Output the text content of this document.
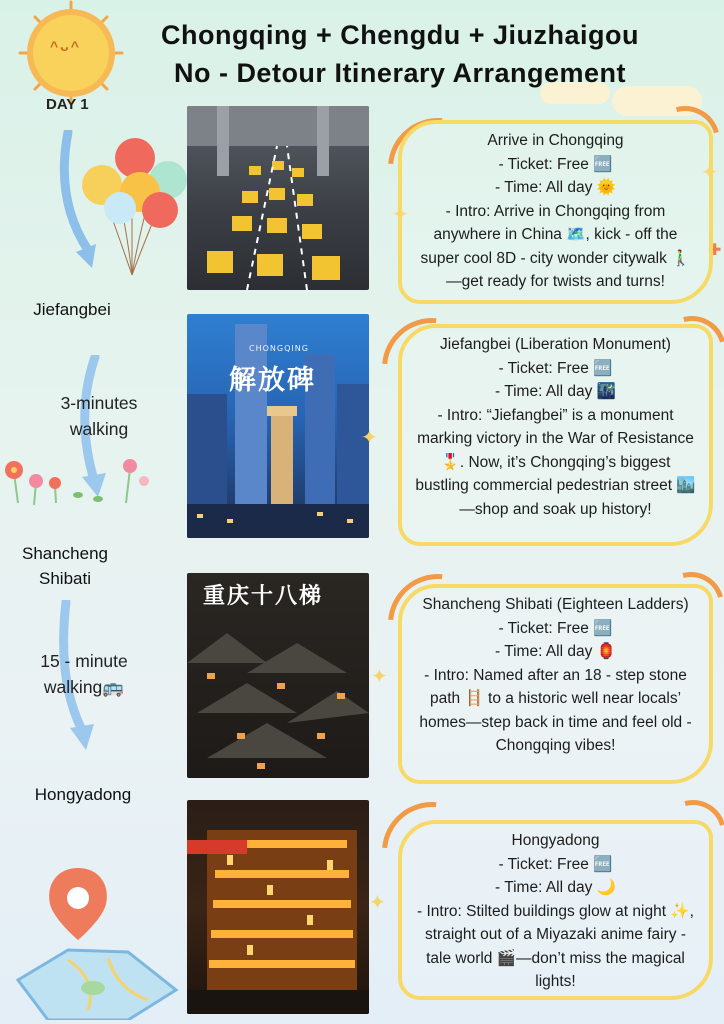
^ᴗ^	Chongqing + Chengdu + Jiuzhaigou
No - Detour Itinerary Arrangement
DAY 1
Jiefangbei
3-minutes
walking
Shancheng
Shibati
15 - minute
walking🚌
Hongyadong
CHONGQING
解放碑
重庆十八梯
✦
✚
✦
✦
✦
✦
Arrive in Chongqing
- Ticket: Free 🆓
- Time: All day 🌞
- Intro: Arrive in Chongqing from anywhere in China 🗺️, kick - off the super cool 8D - city wonder citywalk 🚶‍♂️—get ready for twists and turns!
Jiefangbei (Liberation Monument)
- Ticket: Free 🆓
- Time: All day 🌃
- Intro: “Jiefangbei” is a monument marking victory in the War of Resistance 🎖️. Now, it’s Chongqing’s biggest bustling commercial pedestrian street 🏙️—shop and soak up history!
Shancheng Shibati (Eighteen Ladders)
- Ticket: Free 🆓
- Time: All day 🏮
- Intro: Named after an 18 - step stone path 🪜 to a historic well near locals’ homes—step back in time and feel old - Chongqing vibes!
Hongyadong
- Ticket: Free 🆓
- Time: All day 🌙
- Intro: Stilted buildings glow at night ✨, straight out of a Miyazaki anime fairy - tale world 🎬—don’t miss the magical lights!
